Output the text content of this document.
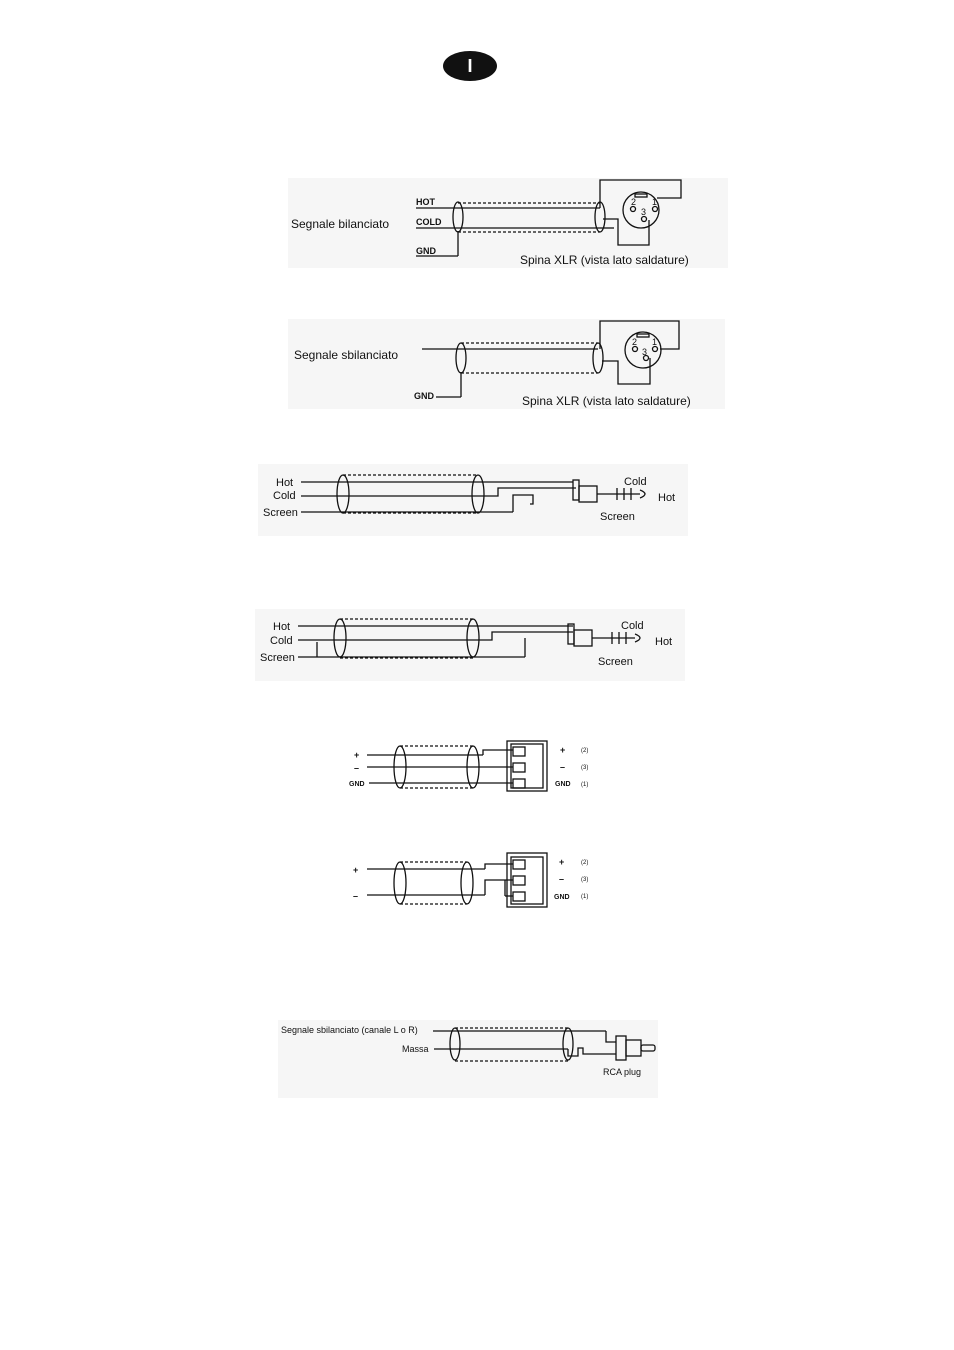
I
Segnale bilanciato
HOT
COLD
GND
2 1
3
Spina XLR (vista lato saldature)
Segnale sbilanciato
GND
2 1
3
Spina XLR (vista lato saldature)
Hot
Cold
Screen
Cold
Hot
Screen
Hot
Cold
Screen
Cold
Hot
Screen
+
–
GND
+
–
GND
(2)
(3)
(1)
+
–
+
–
GND
(2)
(3)
(1)
Segnale sbilanciato (canale L o R)
Massa
RCA plug
